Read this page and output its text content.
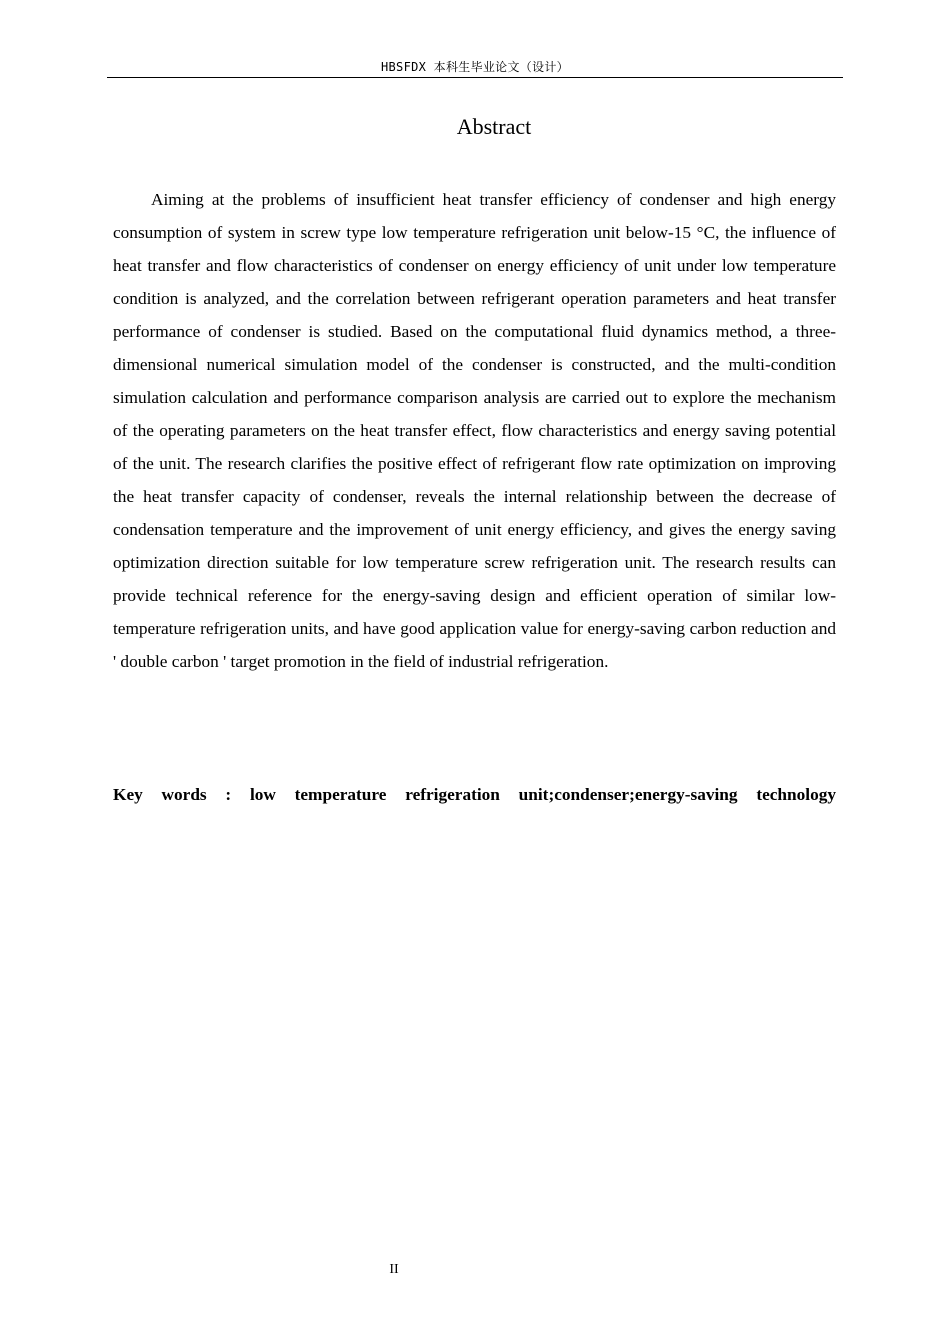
HBSFDX 本科生毕业论文（设计）
Abstract

Aiming at the problems of insufficient heat transfer efficiency of condenser and high energy consumption of system in screw type low temperature refrigeration unit below-15 °C, the influence of heat transfer and flow characteristics of condenser on energy efficiency of unit under low temperature condition is analyzed, and the correlation between refrigerant operation parameters and heat transfer performance of condenser is studied. Based on the computational fluid dynamics method, a three-dimensional numerical simulation model of the condenser is constructed, and the multi-condition simulation calculation and performance comparison analysis are carried out to explore the mechanism of the operating parameters on the heat transfer effect, flow characteristics and energy saving potential of the unit. The research clarifies the positive effect of refrigerant flow rate optimization on improving the heat transfer capacity of condenser, reveals the internal relationship between the decrease of condensation temperature and the improvement of unit energy efficiency, and gives the energy saving optimization direction suitable for low temperature screw refrigeration unit. The research results can provide technical reference for the energy-saving design and efficient operation of similar low-temperature refrigeration units, and have good application value for energy-saving carbon reduction and ' double carbon ' target promotion in the field of industrial refrigeration.

Key words : low temperature refrigeration unit;condenser;energy-saving technology

II
